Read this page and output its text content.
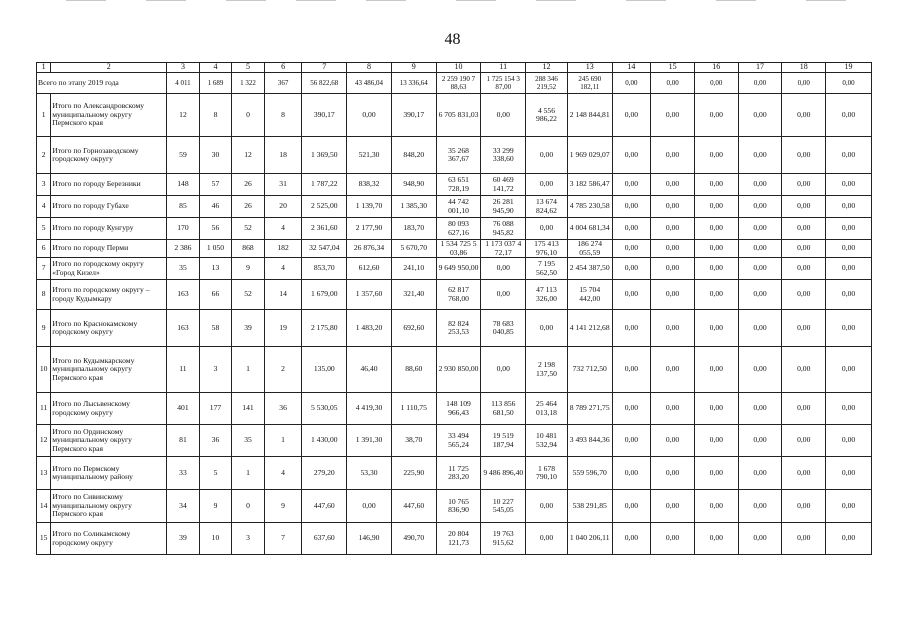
48
1	2	3	4	5	6	7	8	9	10	11	12	13	14	15	16	17	18	19
Всего по этапу 2019 года		4 011	1 689	1 322	367	56 822,68	43 486,04	13 336,64	2 259 190 7 88,63	1 725 154 3 87,00	288 346 219,52	245 690 182,11	0,00	0,00	0,00	0,00	0,00	0,00
1	Итого по Александровскому муниципальному округу Пермского края	12	8	0	8	390,17	0,00	390,17	6 705 831,03	0,00	4 556 986,22	2 148 844,81	0,00	0,00	0,00	0,00	0,00	0,00
2	Итого по Горнозаводскому городскому округу	59	30	12	18	1 369,50	521,30	848,20	35 268 367,67	33 299 338,60	0,00	1 969 029,07	0,00	0,00	0,00	0,00	0,00	0,00
3	Итого по городу Березники	148	57	26	31	1 787,22	838,32	948,90	63 651 728,19	60 469 141,72	0,00	3 182 586,47	0,00	0,00	0,00	0,00	0,00	0,00
4	Итого по городу Губахе	85	46	26	20	2 525,00	1 139,70	1 385,30	44 742 001,10	26 281 945,90	13 674 824,62	4 785 230,58	0,00	0,00	0,00	0,00	0,00	0,00
5	Итого по городу Кунгуру	170	56	52	4	2 361,60	2 177,90	183,70	80 093 627,16	76 088 945,82	0,00	4 004 681,34	0,00	0,00	0,00	0,00	0,00	0,00
6	Итого по городу Перми	2 386	1 050	868	182	32 547,04	26 876,34	5 670,70	1 534 725 5 03,86	1 173 037 4 72,17	175 413 976,10	186 274 055,59	0,00	0,00	0,00	0,00	0,00	0,00
7	Итого по городскому округу «Город Кизел»	35	13	9	4	853,70	612,60	241,10	9 649 950,00	0,00	7 195 562,50	2 454 387,50	0,00	0,00	0,00	0,00	0,00	0,00
8	Итого по городскому округу – городу Кудымкару	163	66	52	14	1 679,00	1 357,60	321,40	62 817 768,00	0,00	47 113 326,00	15 704 442,00	0,00	0,00	0,00	0,00	0,00	0,00
9	Итого по Краснокамскому городскому округу	163	58	39	19	2 175,80	1 483,20	692,60	82 824 253,53	78 683 040,85	0,00	4 141 212,68	0,00	0,00	0,00	0,00	0,00	0,00
10	Итого по Кудымкарскому муниципальному округу Пермского края	11	3	1	2	135,00	46,40	88,60	2 930 850,00	0,00	2 198 137,50	732 712,50	0,00	0,00	0,00	0,00	0,00	0,00
11	Итого по Лысьвенскому городскому округу	401	177	141	36	5 530,05	4 419,30	1 110,75	148 109 966,43	113 856 681,50	25 464 013,18	8 789 271,75	0,00	0,00	0,00	0,00	0,00	0,00
12	Итого по Ординскому муниципальному округу Пермского края	81	36	35	1	1 430,00	1 391,30	38,70	33 494 565,24	19 519 187,94	10 481 532,94	3 493 844,36	0,00	0,00	0,00	0,00	0,00	0,00
13	Итого по Пермскому муниципальному району	33	5	1	4	279,20	53,30	225,90	11 725 283,20	9 486 896,40	1 678 790,10	559 596,70	0,00	0,00	0,00	0,00	0,00	0,00
14	Итого по Сивинскому муниципальному округу Пермского края	34	9	0	9	447,60	0,00	447,60	10 765 836,90	10 227 545,05	0,00	538 291,85	0,00	0,00	0,00	0,00	0,00	0,00
15	Итого по Соликамскому городскому округу	39	10	3	7	637,60	146,90	490,70	20 804 121,73	19 763 915,62	0,00	1 040 206,11	0,00	0,00	0,00	0,00	0,00	0,00
